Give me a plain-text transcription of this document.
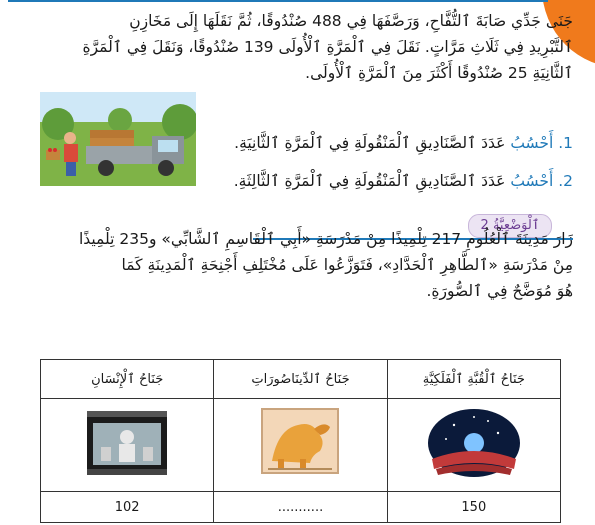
جَنَى جَدِّي صَابَةَ ٱلتُّفَّاحِ، وَرَصَّفَهَا فِي 488 صُنْدُوقًا، ثُمَّ نَقَلَهَا إِلَى مَخَازِنِ
ٱلتَّبْرِيدِ فِي ثَلَاثِ مَرَّاتٍ. نَقَلَ فِي ٱلْمَرَّةِ ٱلْأُولَى 139 صُنْدُوقًا، وَنَقَلَ فِي ٱلْمَرَّةِ
ٱلثَّانِيَةِ 25 صُنْدُوقًا أَكْثَرَ مِنَ ٱلْمَرَّةِ ٱلْأُولَى.
1. أَحْسُبُ عَدَدَ ٱلصَّنَادِيقِ ٱلْمَنْقُولَةِ فِي ٱلْمَرَّةِ ٱلثَّانِيَةِ.
2. أَحْسُبُ عَدَدَ ٱلصَّنَادِيقِ ٱلْمَنْقُولَةِ فِي ٱلْمَرَّةِ ٱلثَّالِثَةِ.
ٱلْوَضْعِيَّةُ 2
زَارَ مَدِينَةَ ٱلْعُلُومِ 217 تِلْمِيذًا مِنْ مَدْرَسَةِ «أَبِي ٱلْقَاسِمِ ٱلشَّابِّي» و235 تِلْمِيذًا
مِنْ مَدْرَسَةِ «ٱلطَّاهِرِ ٱلْحَدَّادِ»، فَتَوَزَّعُوا عَلَى مُخْتَلِفِ أَجْنِحَةِ ٱلْمَدِينَةِ كَمَا
هُوَ مُوَضَّحٌ فِي ٱلصُّورَةِ.
جَنَاحُ ٱلْإِنْسَانِ	جَنَاحُ ٱلدِّينَاصُورَاتِ	جَنَاحُ ٱلْقُبَّةِ ٱلْفَلَكِيَّةِ

102	...........	150
